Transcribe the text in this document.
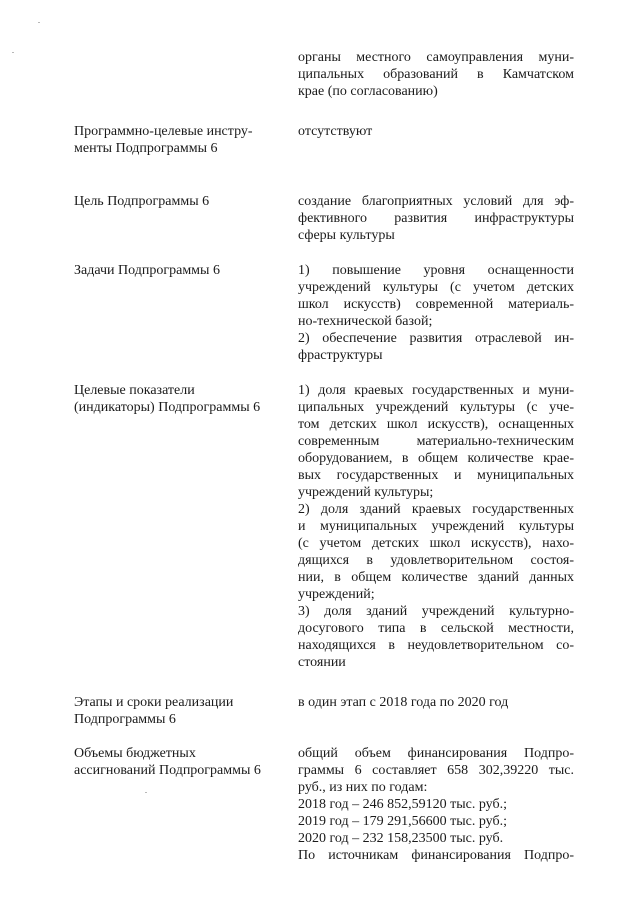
органы местного самоуправления муни-
ципальных образований в Камчатском
крае (по согласованию)
Программно-целевые инстру-
менты Подпрограммы 6
отсутствуют
Цель Подпрограммы 6	создание благоприятных условий для эф-
фективного развития инфраструктуры
сферы культуры
Задачи Подпрограммы 6	1) повышение уровня оснащенности
учреждений культуры (с учетом детских
школ искусств) современной материаль-
но-технической базой;
2) обеспечение развития отраслевой ин-
фраструктуры
Целевые показатели
(индикаторы) Подпрограммы 6
1) доля краевых государственных и муни-
ципальных учреждений культуры (с уче-
том детских школ искусств), оснащенных
современным материально-техническим
оборудованием, в общем количестве крае-
вых государственных и муниципальных
учреждений культуры;
2) доля зданий краевых государственных
и муниципальных учреждений культуры
(с учетом детских школ искусств), нахо-
дящихся в удовлетворительном состоя-
нии, в общем количестве зданий данных
учреждений;
3) доля зданий учреждений культурно-
досугового типа в сельской местности,
находящихся в неудовлетворительном со-
стоянии
Этапы и сроки реализации
Подпрограммы 6
в один этап с 2018 года по 2020 год
Объемы бюджетных
ассигнований Подпрограммы 6
общий объем финансирования Подпро-
граммы 6 составляет 658 302,39220 тыс.
руб., из них по годам:
2018 год – 246 852,59120 тыс. руб.;
2019 год – 179 291,56600 тыс. руб.;
2020 год – 232 158,23500 тыс. руб.
По источникам финансирования Подпро-
